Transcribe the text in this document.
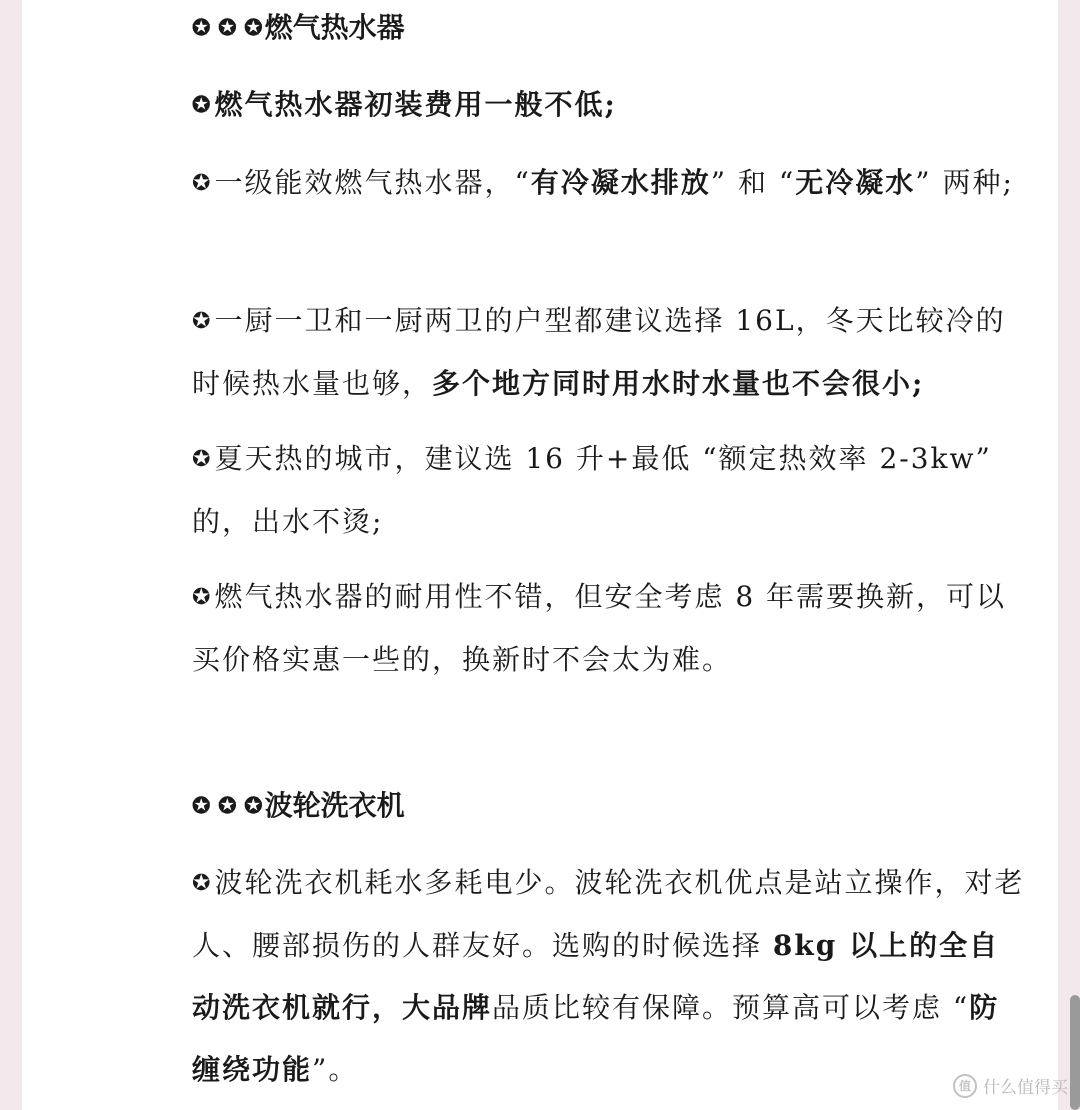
✪ ✪ ✪燃气热水器
✪燃气热水器初装费用一般不低;
✪一级能效燃气热水器，“有冷凝水排放” 和 “无冷凝水” 两种;
✪一厨一卫和一厨两卫的户型都建议选择 16L，冬天比较冷的时候热水量也够，多个地方同时用水时水量也不会很小;
✪夏天热的城市，建议选 16 升+最低 “额定热效率 2-3kw” 的，出水不烫;
✪燃气热水器的耐用性不错，但安全考虑 8 年需要换新，可以买价格实惠一些的，换新时不会太为难。
✪ ✪ ✪波轮洗衣机
✪波轮洗衣机耗水多耗电少。波轮洗衣机优点是站立操作，对老人、腰部损伤的人群友好。选购的时候选择 8kg 以上的全自动洗衣机就行，大品牌品质比较有保障。预算高可以考虑 “防缠绕功能”。	值 什么值得买
